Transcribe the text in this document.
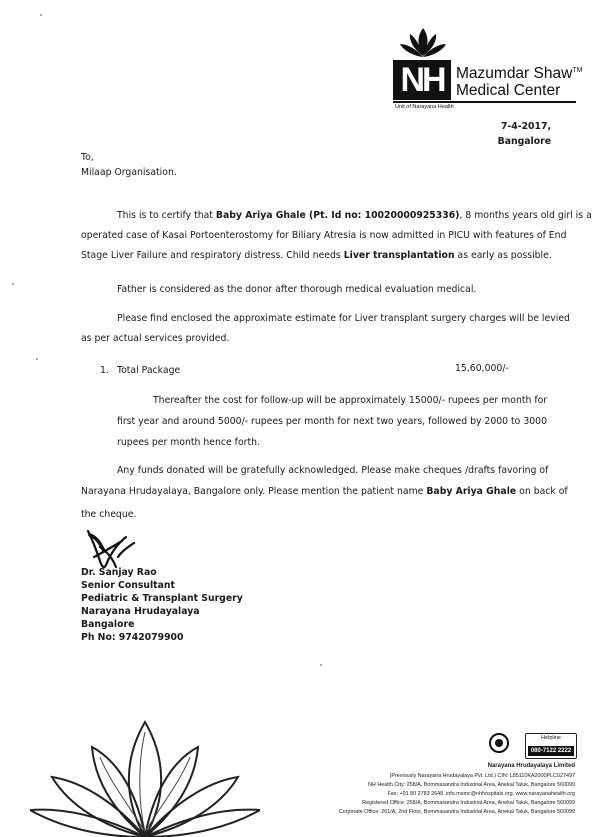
NH Mazumdar Shaw™
Medical Center
Unit of Narayana Health
7-4-2017,
Bangalore
To,
Milaap Organisation.
This is to certify that Baby Ariya Ghale (Pt. Id no: 10020000925336), 8 months years old girl is a
operated case of Kasai Portoenterostomy for Biliary Atresia is now admitted in PICU with features of End
Stage Liver Failure and respiratory distress. Child needs Liver transplantation as early as possible.
Father is considered as the donor after thorough medical evaluation medical.
Please find enclosed the approximate estimate for Liver transplant surgery charges will be levied
as per actual services provided.
1. Total Package	15,60,000/-
Thereafter the cost for follow-up will be approximately 15000/- rupees per month for
first year and around 5000/- rupees per month for next two years, followed by 2000 to 3000
rupees per month hence forth.
Any funds donated will be gratefully acknowledged. Please make cheques /drafts favoring of
Narayana Hrudayalaya, Bangalore only. Please mention the patient name Baby Ariya Ghale on back of
the cheque.
Dr. Sanjay Rao
Senior Consultant
Pediatric & Transplant Surgery
Narayana Hrudayalaya
Bangalore
Ph No: 9742079900
Helpline
080-7122 2222
Narayana Hrudayalaya Limited
(Previously Narayana Hrudayalaya Pvt. Ltd.) CIN: L85110KA2000PLC027497
NH Health City: 258/A, Bommasandra Industrial Area, Anekal Taluk, Bangalore 560099
Fax: +91 80 2783 2648. info.msmc@nhhospitals.org, www.narayanahealth.org
Registered Office: 258/A, Bommasandra Industrial Area, Anekal Taluk, Bangalore 560099
Corporate Office: 261/A, 2nd Floor, Bommasandra Industrial Area, Anekal Taluk, Bangalore 560099
